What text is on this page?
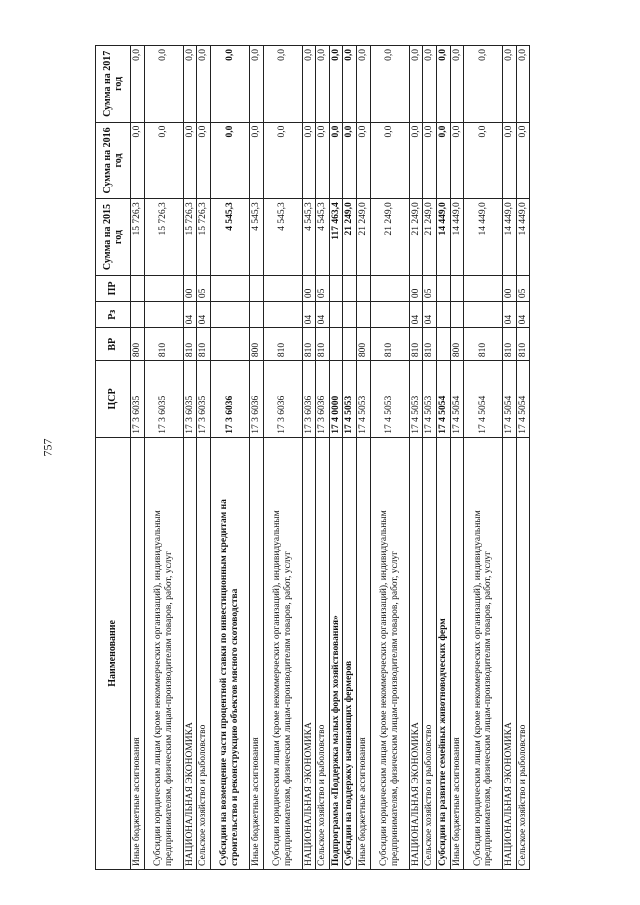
757
Наименование	ЦСР	ВР	Рз	ПР	Сумма на 2015 год	Сумма на 2016 год	Сумма на 2017 год
Иные бюджетные ассигнования	17 3 6035	800			15 726,3	0,0	0,0
Субсидии юридическим лицам (кроме некоммерческих организаций), индивидуальным предпринимателям, физическим лицам-производителям товаров, работ, услуг	17 3 6035	810			15 726,3	0,0	0,0
НАЦИОНАЛЬНАЯ ЭКОНОМИКА	17 3 6035	810	04	00	15 726,3	0,0	0,0
Сельское хозяйство и рыболовство	17 3 6035	810	04	05	15 726,3	0,0	0,0
Субсидии на возмещение части процентной ставки по инвестиционным кредитам на строительство и реконструкцию объектов мясного скотоводства	17 3 6036				4 545,3	0,0	0,0
Иные бюджетные ассигнования	17 3 6036	800			4 545,3	0,0	0,0
Субсидии юридическим лицам (кроме некоммерческих организаций), индивидуальным предпринимателям, физическим лицам-производителям товаров, работ, услуг	17 3 6036	810			4 545,3	0,0	0,0
НАЦИОНАЛЬНАЯ ЭКОНОМИКА	17 3 6036	810	04	00	4 545,3	0,0	0,0
Сельское хозяйство и рыболовство	17 3 6036	810	04	05	4 545,3	0,0	0,0
Подпрограмма «Поддержка малых форм хозяйствования»	17 4 0000				117 463,4	0,0	0,0
Субсидии на поддержку начинающих фермеров	17 4 5053				21 249,0	0,0	0,0
Иные бюджетные ассигнования	17 4 5053	800			21 249,0	0,0	0,0
Субсидии юридическим лицам (кроме некоммерческих организаций), индивидуальным предпринимателям, физическим лицам-производителям товаров, работ, услуг	17 4 5053	810			21 249,0	0,0	0,0
НАЦИОНАЛЬНАЯ ЭКОНОМИКА	17 4 5053	810	04	00	21 249,0	0,0	0,0
Сельское хозяйство и рыболовство	17 4 5053	810	04	05	21 249,0	0,0	0,0
Субсидии на развитие семейных животноводческих ферм	17 4 5054				14 449,0	0,0	0,0
Иные бюджетные ассигнования	17 4 5054	800			14 449,0	0,0	0,0
Субсидии юридическим лицам (кроме некоммерческих организаций), индивидуальным предпринимателям, физическим лицам-производителям товаров, работ, услуг	17 4 5054	810			14 449,0	0,0	0,0
НАЦИОНАЛЬНАЯ ЭКОНОМИКА	17 4 5054	810	04	00	14 449,0	0,0	0,0
Сельское хозяйство и рыболовство	17 4 5054	810	04	05	14 449,0	0,0	0,0
